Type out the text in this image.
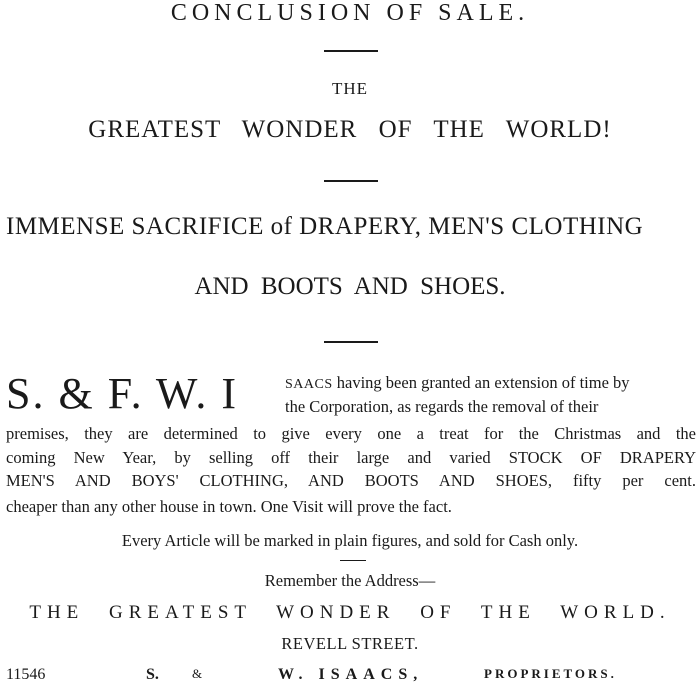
CONCLUSION OF SALE.
THE
GREATEST WONDER OF THE WORLD!
IMMENSE SACRIFICE of DRAPERY, MEN'S CLOTHING
AND BOOTS AND SHOES.
S. & F. W. I	SAACS having been granted an extension of time by
the Corporation, as regards the removal of their
premises, they are determined to give every one a treat for the Christmas and the
coming New Year, by selling off their large and varied STOCK OF DRAPERY
MEN'S AND BOYS' CLOTHING, AND BOOTS AND SHOES, fifty per cent.
cheaper than any other house in town. One Visit will prove the fact.
Every Article will be marked in plain figures, and sold for Cash only.
Remember the Address—
THE GREATEST WONDER OF THE WORLD.
REVELL STREET.
11546	S.	&	W. ISAACS,	PROPRIETORS.
